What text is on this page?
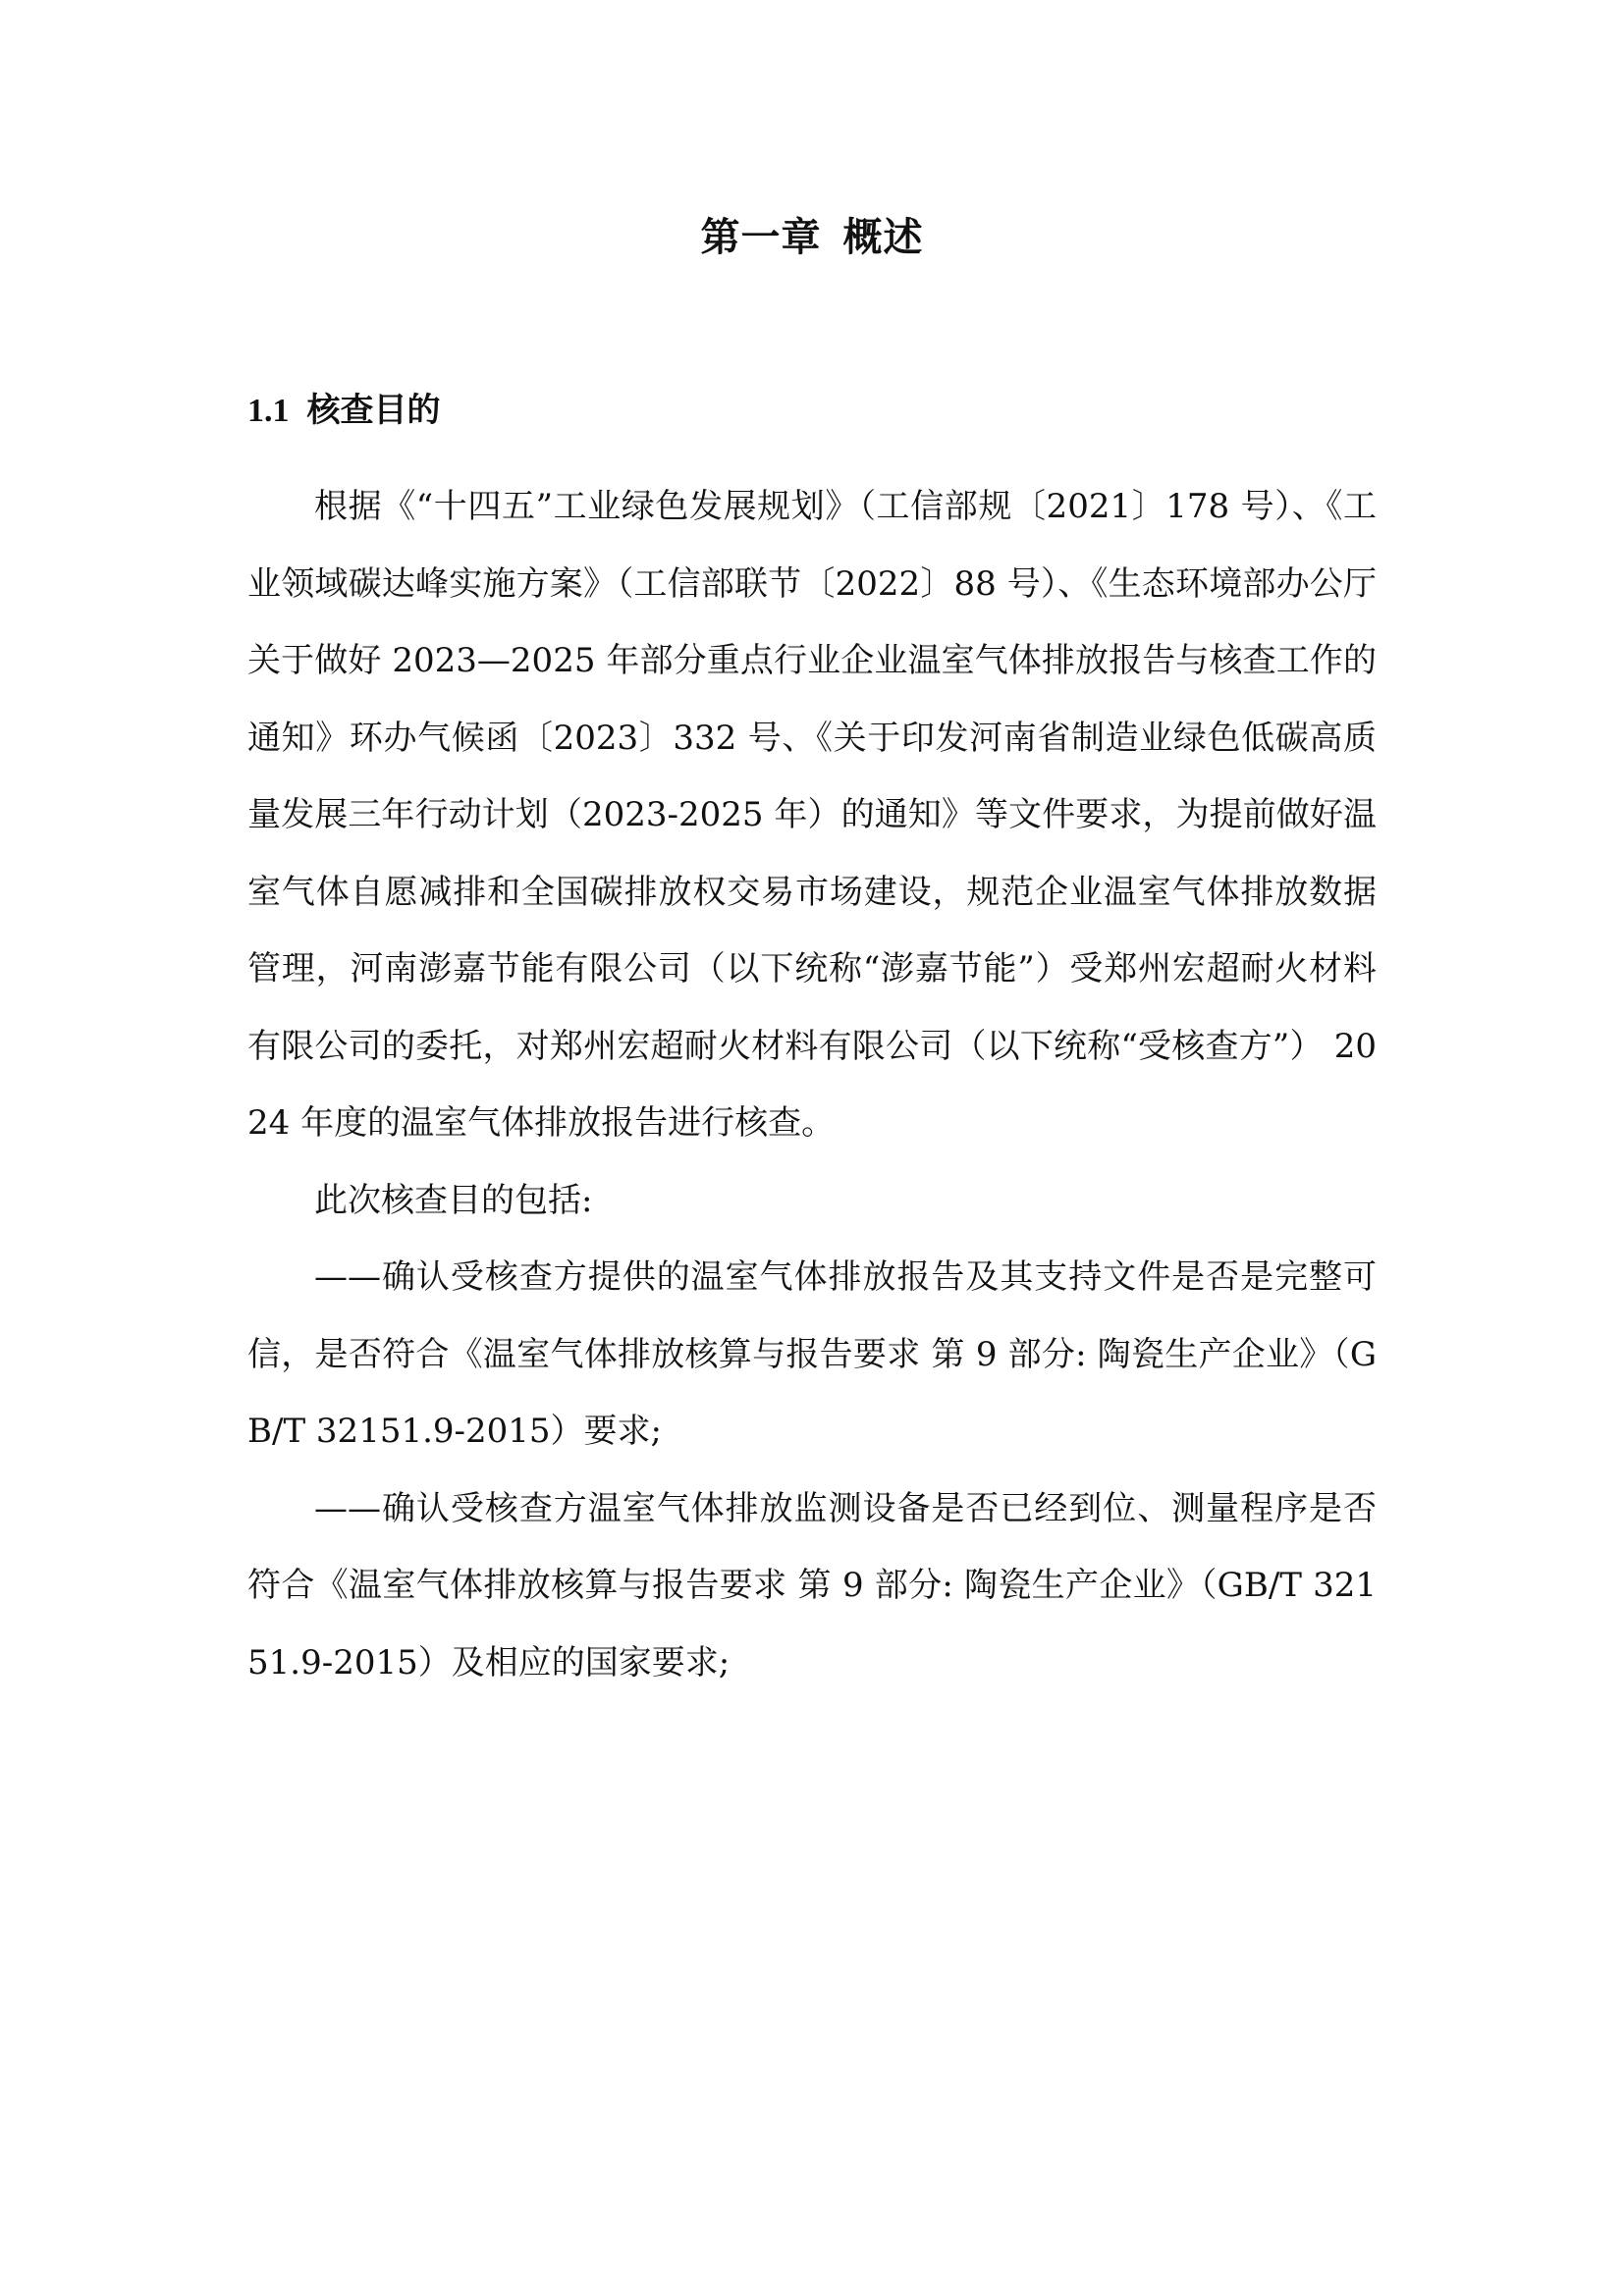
第一章 概述
1.1 核查目的

根据《“十四五”工业绿色发展规划》（工信部规〔2021〕178 号）、《工业领域碳达峰实施方案》（工信部联节〔2022〕88 号）、《生态环境部办公厅关于做好 2023—2025 年部分重点行业企业温室气体排放报告与核查工作的通知》环办气候函〔2023〕332 号、《关于印发河南省制造业绿色低碳高质量发展三年行动计划（2023-2025 年）的通知》等文件要求，为提前做好温室气体自愿减排和全国碳排放权交易市场建设，规范企业温室气体排放数据管理，河南澎嘉节能有限公司（以下统称“澎嘉节能”）受郑州宏超耐火材料有限公司的委托，对郑州宏超耐火材料有限公司（以下统称“受核查方”） 2024 年度的温室气体排放报告进行核查。

此次核查目的包括:

——确认受核查方提供的温室气体排放报告及其支持文件是否是完整可信，是否符合《温室气体排放核算与报告要求 第 9 部分: 陶瓷生产企业》（GB/T 32151.9-2015）要求;

——确认受核查方温室气体排放监测设备是否已经到位、测量程序是否符合《温室气体排放核算与报告要求 第 9 部分: 陶瓷生产企业》（GB/T 32151.9-2015）及相应的国家要求;
